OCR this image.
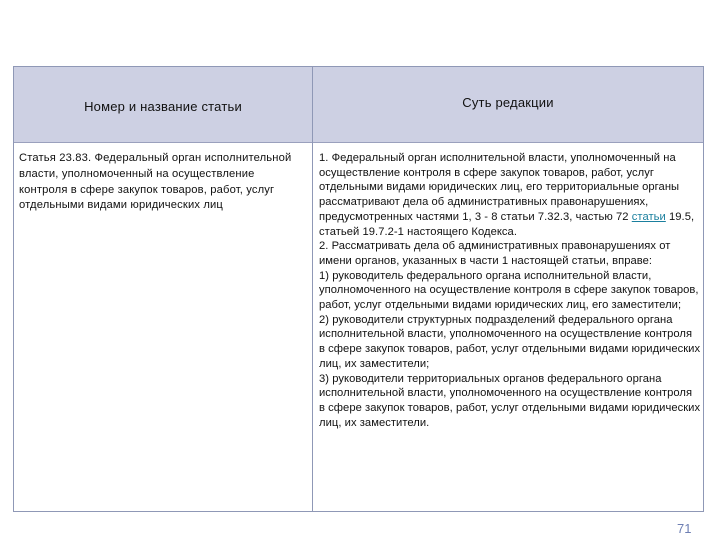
Номер и название статьи	Суть редакции
Статья 23.83. Федеральный орган исполнительной власти, уполномоченный на осуществление контроля в сфере закупок товаров, работ, услуг отдельными видами юридических лиц

1. Федеральный орган исполнительной власти, уполномоченный на осуществление контроля в сфере закупок товаров, работ, услуг отдельными видами юридических лиц, его территориальные органы рассматривают дела об административных правонарушениях, предусмотренных частями 1, 3 - 8 статьи 7.32.3, частью 72 статьи 19.5, статьей 19.7.2-1 настоящего Кодекса.

2. Рассматривать дела об административных правонарушениях от имени органов, указанных в части 1 настоящей статьи, вправе:

1) руководитель федерального органа исполнительной власти, уполномоченного на осуществление контроля в сфере закупок товаров, работ, услуг отдельными видами юридических лиц, его заместители;

2) руководители структурных подразделений федерального органа исполнительной власти, уполномоченного на осуществление контроля в сфере закупок товаров, работ, услуг отдельными видами юридических лиц, их заместители;

3) руководители территориальных органов федерального органа исполнительной власти, уполномоченного на осуществление контроля в сфере закупок товаров, работ, услуг отдельными видами юридических лиц, их заместители.

71
